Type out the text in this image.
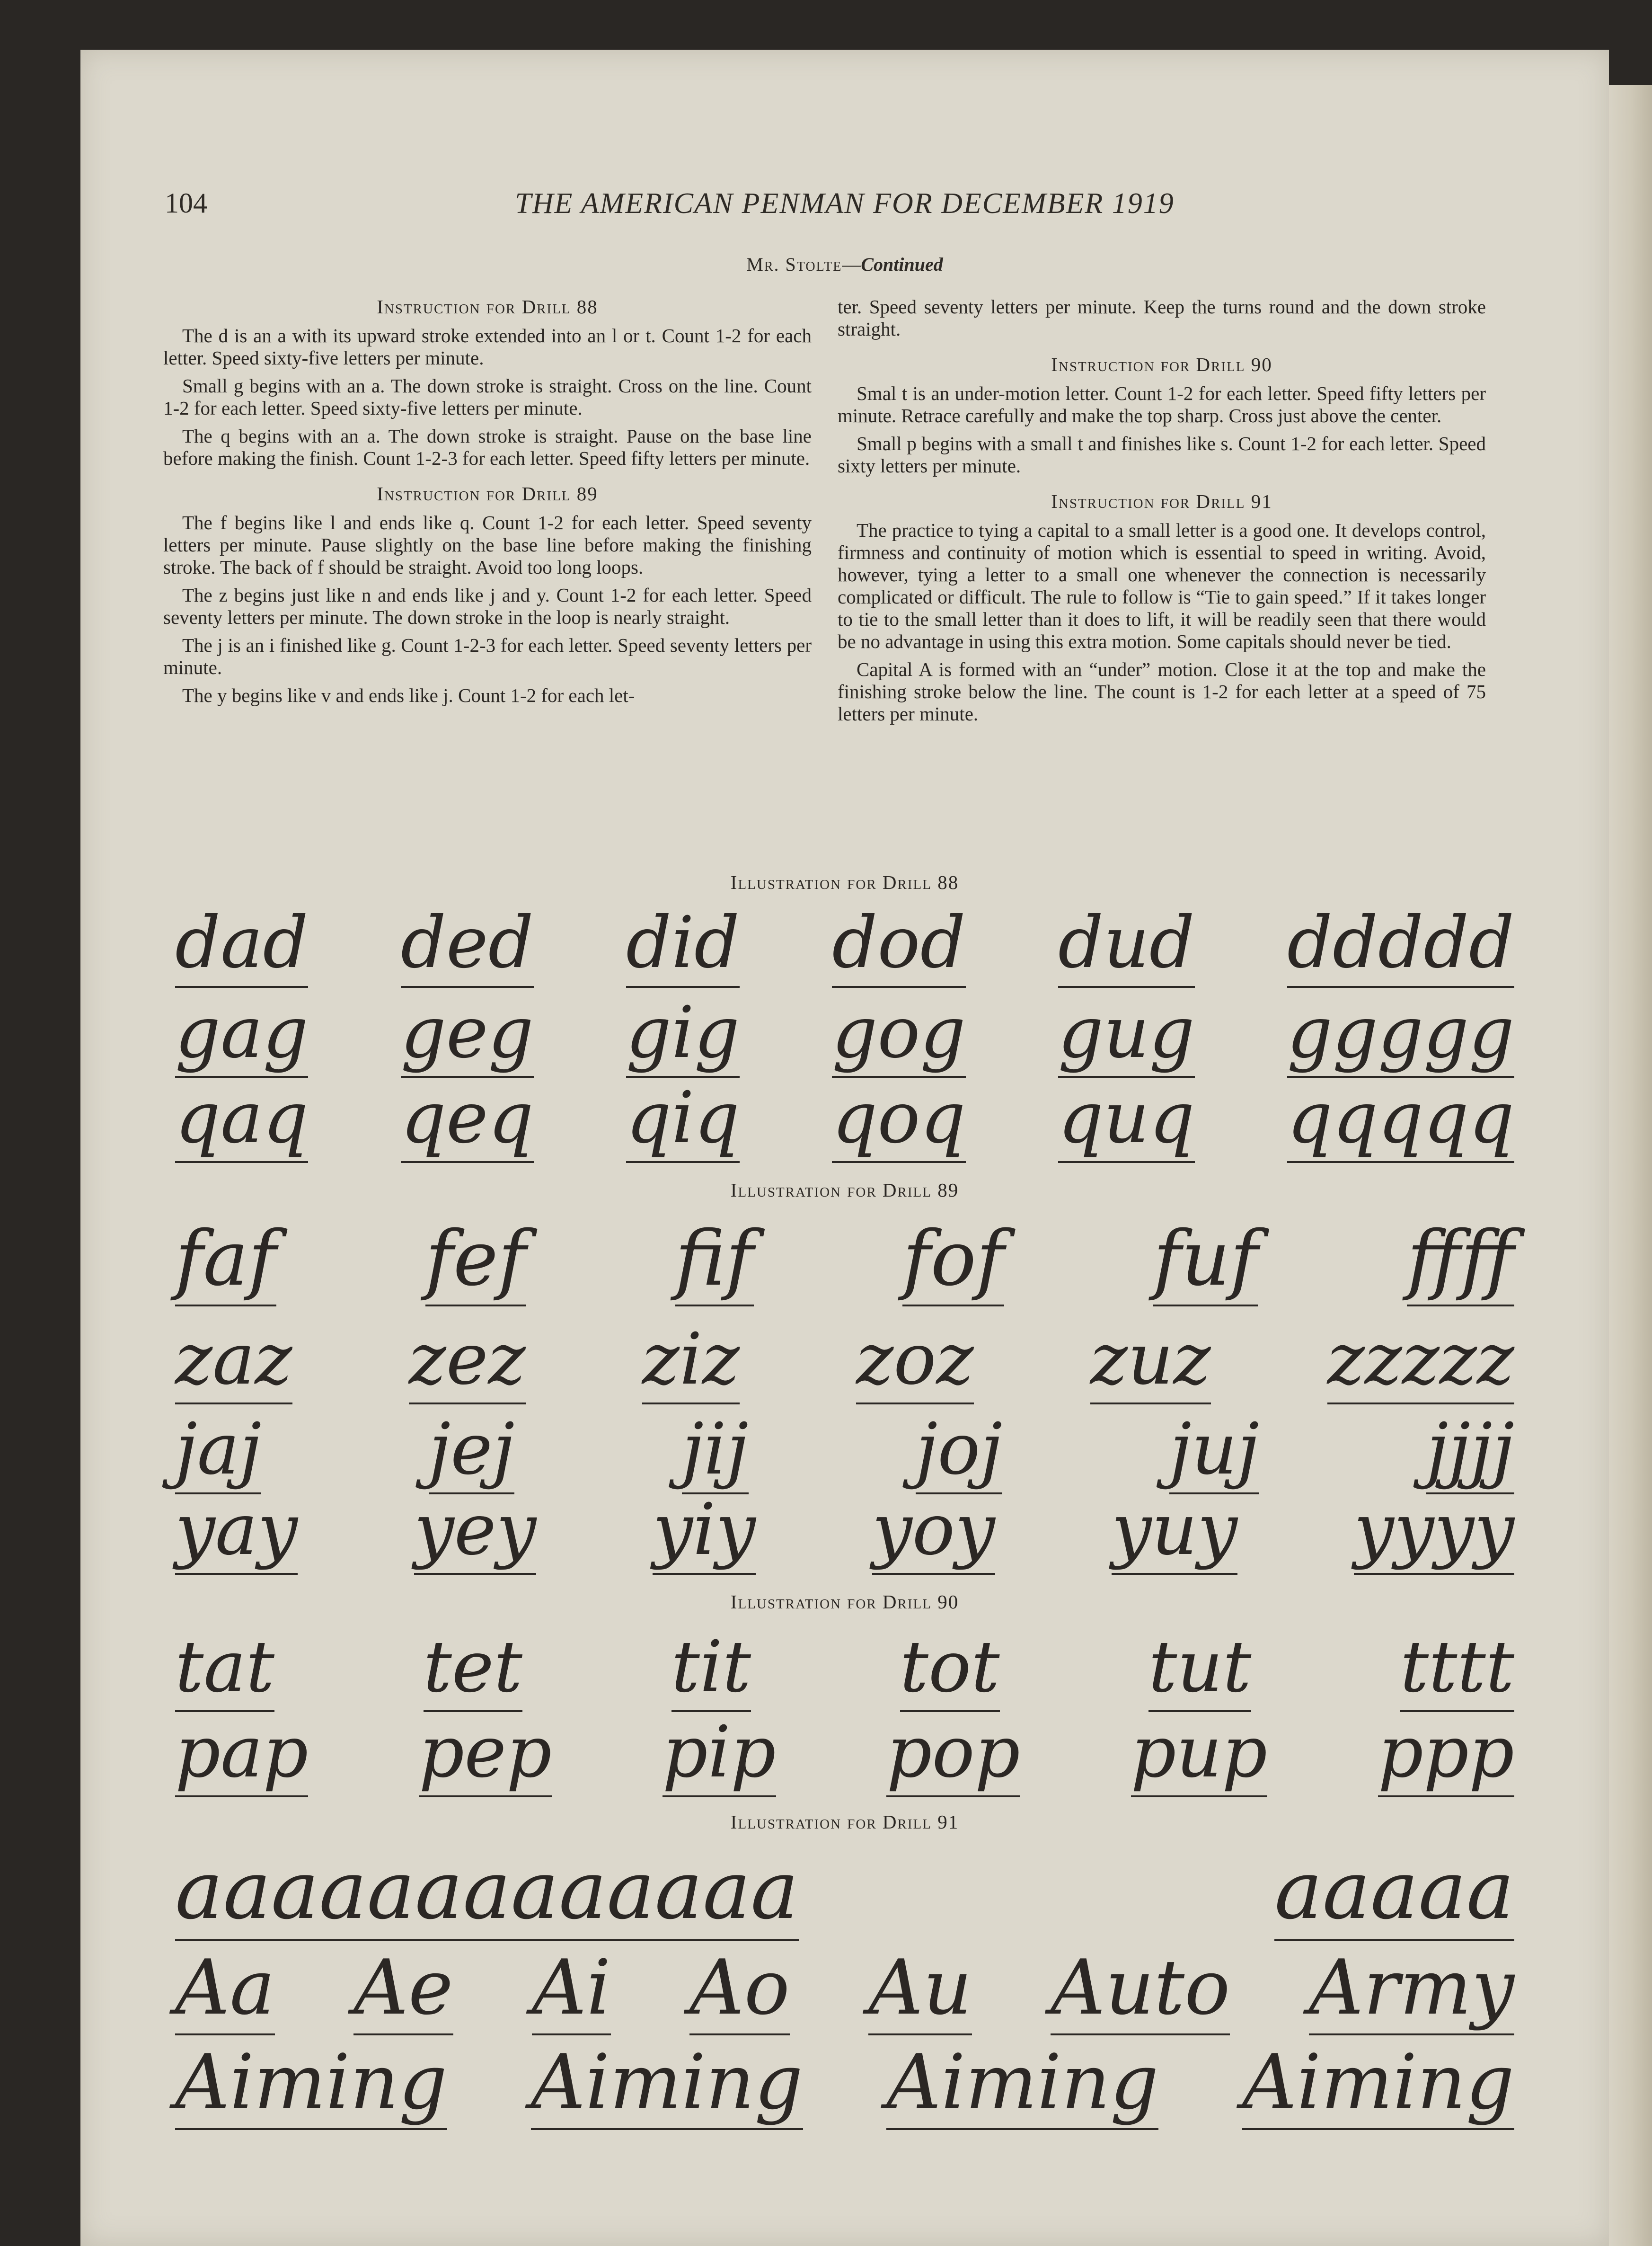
104	THE AMERICAN PENMAN FOR DECEMBER 1919
Mr. Stolte—Continued
Instruction for Drill 88

The d is an a with its upward stroke extended into an l or t. Count 1-2 for each letter. Speed sixty-five letters per minute.

Small g begins with an a. The down stroke is straight. Cross on the line. Count 1-2 for each letter. Speed sixty-five letters per minute.

The q begins with an a. The down stroke is straight. Pause on the base line before making the finish. Count 1-2-3 for each letter. Speed fifty letters per minute.

Instruction for Drill 89

The f begins like l and ends like q. Count 1-2 for each letter. Speed seventy letters per minute. Pause slightly on the base line before making the finishing stroke. The back of f should be straight. Avoid too long loops.

The z begins just like n and ends like j and y. Count 1-2 for each letter. Speed seventy letters per minute. The down stroke in the loop is nearly straight.

The j is an i finished like g. Count 1-2-3 for each letter. Speed seventy letters per minute.

The y begins like v and ends like j. Count 1-2 for each let-

ter. Speed seventy letters per minute. Keep the turns round and the down stroke straight.

Instruction for Drill 90

Smal t is an under-motion letter. Count 1-2 for each letter. Speed fifty letters per minute. Retrace carefully and make the top sharp. Cross just above the center.

Small p begins with a small t and finishes like s. Count 1-2 for each letter. Speed sixty letters per minute.

Instruction for Drill 91

The practice to tying a capital to a small letter is a good one. It develops control, firmness and continuity of motion which is essential to speed in writing. Avoid, however, tying a letter to a small one whenever the connection is necessarily complicated or difficult. The rule to follow is “Tie to gain speed.” If it takes longer to tie to the small letter than it does to lift, it will be readily seen that there would be no advantage in using this extra motion. Some capitals should never be tied.

Capital A is formed with an “under” motion. Close it at the top and make the finishing stroke below the line. The count is 1-2 for each letter at a speed of 75 letters per minute.

Illustration for Drill 88
dad ded did dod dud ddddd
gag geg gig gog gug ggggg
qaq qeq qiq qoq quq qqqqq
Illustration for Drill 89
faf fef fif fof fuf ffff
zaz zez ziz zoz zuz zzzzz
jaj jej jij joj juj jjjj
yay yey yiy yoy yuy yyyy
Illustration for Drill 90
tat tet tit tot tut tttt
pap pep pip pop pup ppp
Illustration for Drill 91
aaaaaaaaaaaaa	aaaaa
Aa Ae Ai Ao Au Auto Army
Aiming Aiming Aiming Aiming
